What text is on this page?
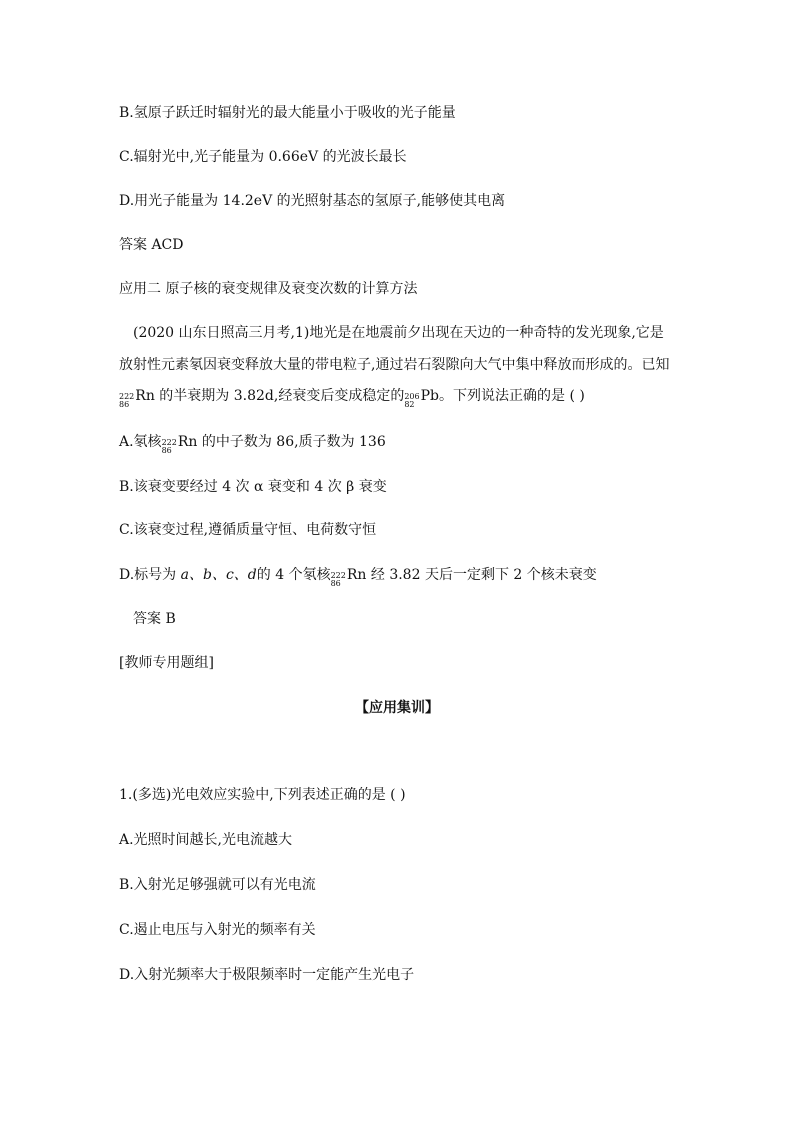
B.氢原子跃迁时辐射光的最大能量小于吸收的光子能量
C.辐射光中,光子能量为 0.66eV 的光波长最长
D.用光子能量为 14.2eV 的光照射基态的氢原子,能够使其电离
答案 ACD
应用二 原子核的衰变规律及衰变次数的计算方法
(2020 山东日照高三月考,1)地光是在地震前夕出现在天边的一种奇特的发光现象,它是
放射性元素氡因衰变释放大量的带电粒子,通过岩石裂隙向大气中集中释放而形成的。已知
222
86
Rn 的半衰期为 3.82d,经衰变后变成稳定的 206
82
Pb。下列说法正确的是 ( )
A.氡核 222
86
Rn 的中子数为 86,质子数为 136
B.该衰变要经过 4 次 α 衰变和 4 次 β 衰变
C.该衰变过程,遵循质量守恒、电荷数守恒
D.标号为 a、b、c、d的 4 个氡核 222
86
Rn 经 3.82 天后一定剩下 2 个核未衰变
答案 B
[教师专用题组]
【应用集训】
1.(多选)光电效应实验中,下列表述正确的是 ( )
A.光照时间越长,光电流越大
B.入射光足够强就可以有光电流
C.遏止电压与入射光的频率有关
D.入射光频率大于极限频率时一定能产生光电子
